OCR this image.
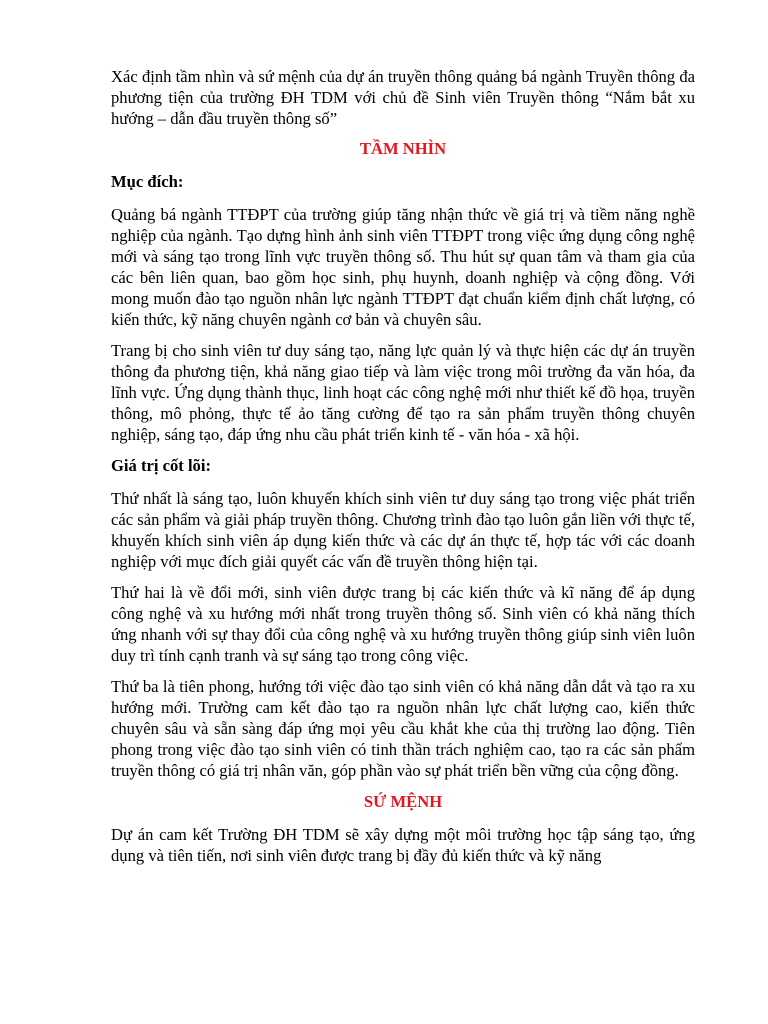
Xác định tầm nhìn và sứ mệnh của dự án truyền thông quảng bá ngành Truyền thông đa phương tiện của trường ĐH TDM với chủ đề Sinh viên Truyền thông “Nắm bắt xu hướng – dẫn đầu truyền thông số”

TẦM NHÌN

Mục đích:

Quảng bá ngành TTĐPT của trường giúp tăng nhận thức về giá trị và tiềm năng nghề nghiệp của ngành. Tạo dựng hình ảnh sinh viên TTĐPT trong việc ứng dụng công nghệ mới và sáng tạo trong lĩnh vực truyền thông số. Thu hút sự quan tâm và tham gia của các bên liên quan, bao gồm học sinh, phụ huynh, doanh nghiệp và cộng đồng. Với mong muốn đào tạo nguồn nhân lực ngành TTĐPT đạt chuẩn kiểm định chất lượng, có kiến thức, kỹ năng chuyên ngành cơ bản và chuyên sâu.

Trang bị cho sinh viên tư duy sáng tạo, năng lực quản lý và thực hiện các dự án truyền thông đa phương tiện, khả năng giao tiếp và làm việc trong môi trường đa văn hóa, đa lĩnh vực. Ứng dụng thành thục, linh hoạt các công nghệ mới như thiết kế đồ họa, truyền thông, mô phỏng, thực tế ảo tăng cường để tạo ra sản phẩm truyền thông chuyên nghiệp, sáng tạo, đáp ứng nhu cầu phát triển kinh tế - văn hóa - xã hội.

Giá trị cốt lõi:

Thứ nhất là sáng tạo, luôn khuyến khích sinh viên tư duy sáng tạo trong việc phát triển các sản phẩm và giải pháp truyền thông. Chương trình đào tạo luôn gắn liền với thực tế, khuyến khích sinh viên áp dụng kiến thức và các dự án thực tế, hợp tác với các doanh nghiệp với mục đích giải quyết các vấn đề truyền thông hiện tại.

Thứ hai là về đổi mới, sinh viên được trang bị các kiến thức và kĩ năng để áp dụng công nghệ và xu hướng mới nhất trong truyền thông số. Sinh viên có khả năng thích ứng nhanh với sự thay đổi của công nghệ và xu hướng truyền thông giúp sinh viên luôn duy trì tính cạnh tranh và sự sáng tạo trong công việc.

Thứ ba là tiên phong, hướng tới việc đào tạo sinh viên có khả năng dẫn dắt và tạo ra xu hướng mới. Trường cam kết đào tạo ra nguồn nhân lực chất lượng cao, kiến thức chuyên sâu và sẵn sàng đáp ứng mọi yêu cầu khắt khe của thị trường lao động. Tiên phong trong việc đào tạo sinh viên có tinh thần trách nghiệm cao, tạo ra các sản phẩm truyền thông có giá trị nhân văn, góp phần vào sự phát triển bền vững của cộng đồng.

SỨ MỆNH

Dự án cam kết Trường ĐH TDM sẽ xây dựng một môi trường học tập sáng tạo, ứng dụng và tiên tiến, nơi sinh viên được trang bị đầy đủ kiến thức và kỹ năng
